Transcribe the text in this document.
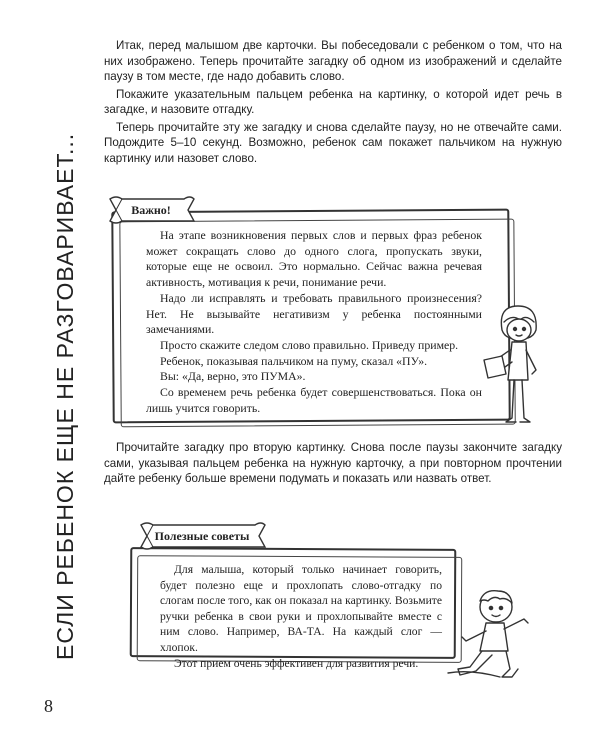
ЕСЛИ РЕБЕНОК ЕЩЕ НЕ РАЗГОВАРИВАЕТ...
8

Итак, перед малышом две карточки. Вы побеседовали с ребенком о том, что на них изображено. Теперь прочитайте загадку об одном из изображений и сделайте паузу в том месте, где надо добавить слово.

Покажите указательным пальцем ребенка на картинку, о которой идет речь в загадке, и назовите отгадку.

Теперь прочитайте эту же загадку и снова сделайте паузу, но не отвечайте сами. Подождите 5–10 секунд. Возможно, ребенок сам покажет пальчиком на нужную картинку или назовет слово.

Важно!

На этапе возникновения первых слов и первых фраз ребенок может сокращать слово до одного слога, пропускать звуки, которые еще не освоил. Это нормально. Сейчас важна речевая активность, мотивация к речи, понимание речи.

Надо ли исправлять и требовать правильного произнесения? Нет. Не вызывайте негативизм у ребенка постоянными замечаниями.

Просто скажите следом слово правильно. Приведу пример.

Ребенок, показывая пальчиком на пуму, сказал «ПУ».

Вы: «Да, верно, это ПУМА».

Со временем речь ребенка будет совершенствоваться. Пока он лишь учится говорить.

Прочитайте загадку про вторую картинку. Снова после паузы закончите загадку сами, указывая пальцем ребенка на нужную карточку, а при повторном прочтении дайте ребенку больше времени подумать и показать или назвать ответ.

Полезные советы

Для малыша, который только начинает говорить, будет полезно еще и прохлопать слово-отгадку по слогам после того, как он показал на картинку. Возьмите ручки ребенка в свои руки и прохлопывайте вместе с ним слово. Например, ВА-ТА. На каждый слог — хлопок.

Этот прием очень эффективен для развития речи.
